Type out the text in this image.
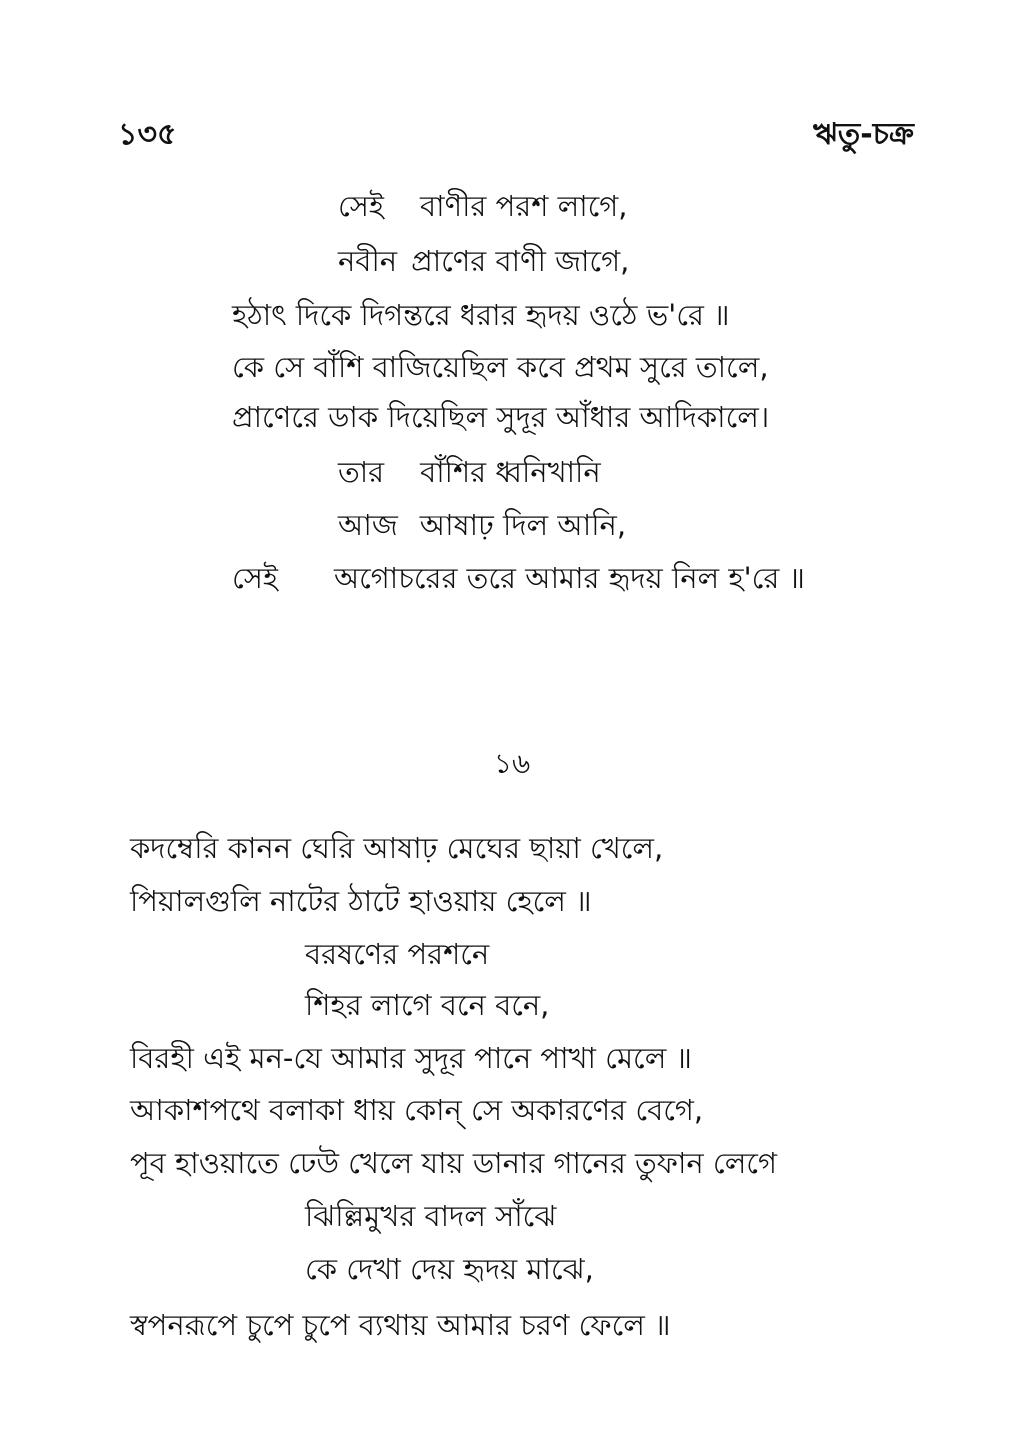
১৩৫	ঋতু-চক্র
সেই বাণীর পরশ লাগে,
নবীন প্রাণের বাণী জাগে,
হঠাৎ দিকে দিগন্তরে ধরার হৃদয় ওঠে ভ'রে ॥
কে সে বাঁশি বাজিয়েছিল কবে প্রথম সুরে তালে,
প্রাণেরে ডাক দিয়েছিল সুদূর আঁধার আদিকালে।
তার বাঁশির ধ্বনিখানি
আজ আষাঢ় দিল আনি,
সেই অগোচরের তরে আমার হৃদয় নিল হ'রে ॥
১৬
কদম্বেরি কানন ঘেরি আষাঢ় মেঘের ছায়া খেলে,
পিয়ালগুলি নাটের ঠাটে হাওয়ায় হেলে ॥
বরষণের পরশনে
শিহর লাগে বনে বনে,
বিরহী এই মন-যে আমার সুদূর পানে পাখা মেলে ॥
আকাশপথে বলাকা ধায় কোন্ সে অকারণের বেগে,
পূব হাওয়াতে ঢেউ খেলে যায় ডানার গানের তুফান লেগে
ঝিল্লিমুখর বাদল সাঁঝে
কে দেখা দেয় হৃদয় মাঝে,
স্বপনরূপে চুপে চুপে ব্যথায় আমার চরণ ফেলে ॥
